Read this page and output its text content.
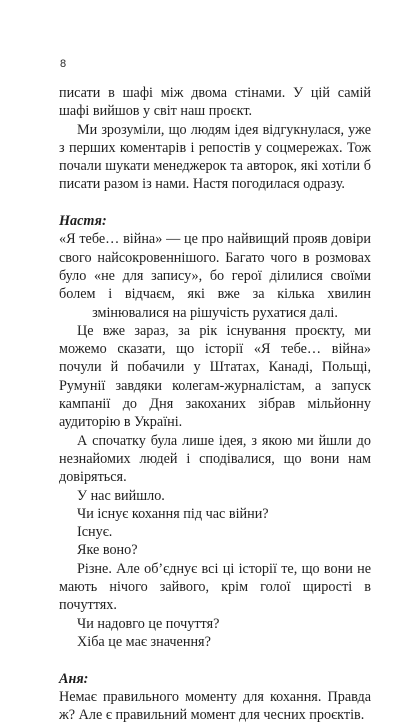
8

писати в шафі між двома стінами. У цій самій шафі вийшов у світ наш проєкт.

Ми зрозуміли, що людям ідея відгукнулася, уже з перших коментарів і репостів у соцмережах. Тож почали шукати менеджерок та авторок, які хотіли б писати разом із нами. Настя погодилася одразу.

Настя:

«Я тебе… війна» — це про найвищий прояв довіри свого найсокровеннішого. Багато чого в розмовах було «не для запису», бо герої ділилися своїми болем і відчаєм, які вже за кілька хвилин змінювалися на рішучість рухатися далі.

Це вже зараз, за рік існування проєкту, ми можемо сказати, що історії «Я тебе… війна» почули й побачили у Штатах, Канаді, Польщі, Румунії завдяки колегам-журналістам, а запуск кампанії до Дня закоханих зібрав мільйонну аудиторію в Україні.

А спочатку була лише ідея, з якою ми йшли до незнайомих людей і сподівалися, що вони нам довіряться.

У нас вийшло.

Чи існує кохання під час війни?

Існує.

Яке воно?

Різне. Але об’єднує всі ці історії те, що вони не мають нічого зайвого, крім голої щирості в почуттях.

Чи надовго це почуття?

Хіба це має значення?

Аня:

Немає правильного моменту для кохання. Правда ж? Але є правильний момент для чесних проєктів.
